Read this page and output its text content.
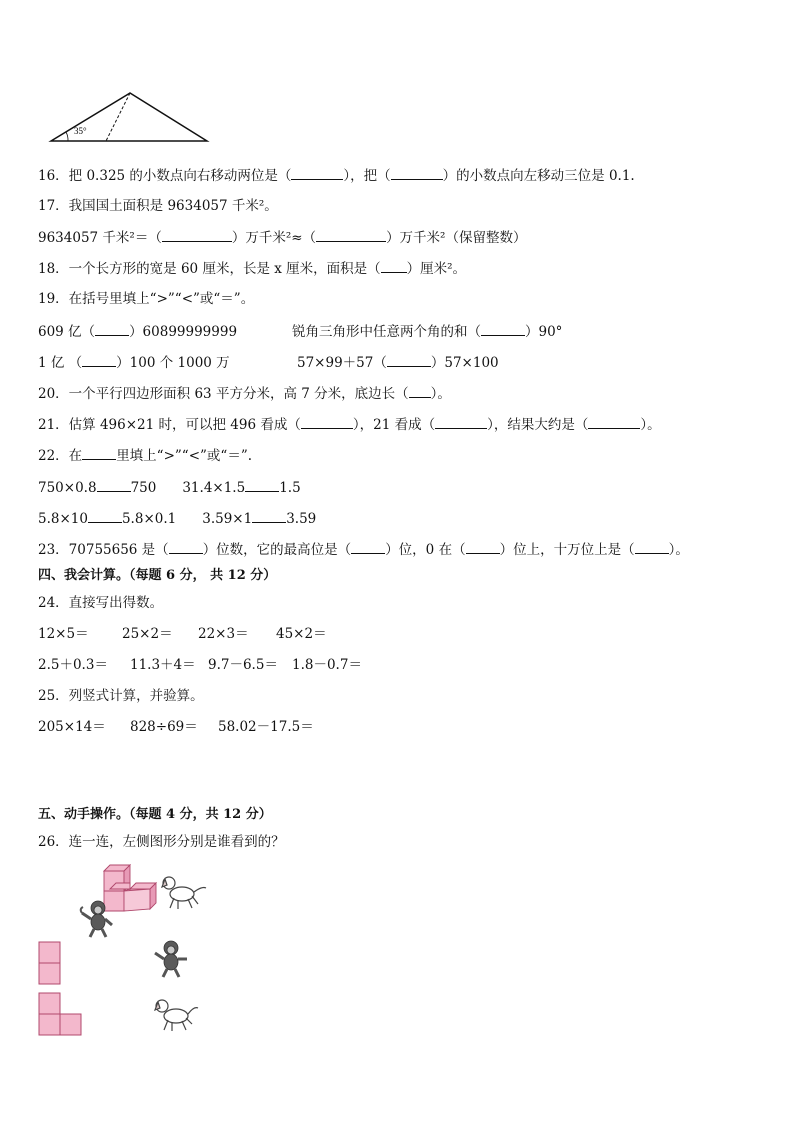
35°
16．把 0.325 的小数点向右移动两位是（	），把（	）的小数点向左移动三位是 0.1.
17．我国国土面积是 9634057 千米²。
9634057 千米²＝（	）万千米²≈（	）万千米²（保留整数）
18．一个长方形的宽是 60 厘米，长是 x 厘米，面积是（ ）厘米²。
19．在括号里填上“>”“<”或“＝”。
609 亿（	）60899999999	锐角三角形中任意两个角的和（	）90°
1 亿 （	）100 个 1000 万	57×99＋57（	）57×100
20．一个平行四边形面积 63 平方分米，高 7 分米，底边长（ ）。
21．估算 496×21 时，可以把 496 看成（	），21 看成（	），结果大约是（	）。
22．在	里填上“>”“<”或“＝”.
750×0.8	750 31.4×1.5	1.5
5.8×10	5.8×0.1 3.59×1	3.59
23．70755656 是（	）位数，它的最高位是（	）位，0 在（	）位上，十万位上是（	）。
四、我会计算。（每题 6 分， 共 12 分）
24．直接写出得数。
12×5＝ 25×2＝ 22×3＝ 45×2＝
2.5＋0.3＝ 11.3＋4＝ 9.7－6.5＝ 1.8－0.7＝
25．列竖式计算，并验算。
205×14＝ 828÷69＝ 58.02－17.5＝
五、动手操作。（每题 4 分，共 12 分）
26．连一连，左侧图形分别是谁看到的？
